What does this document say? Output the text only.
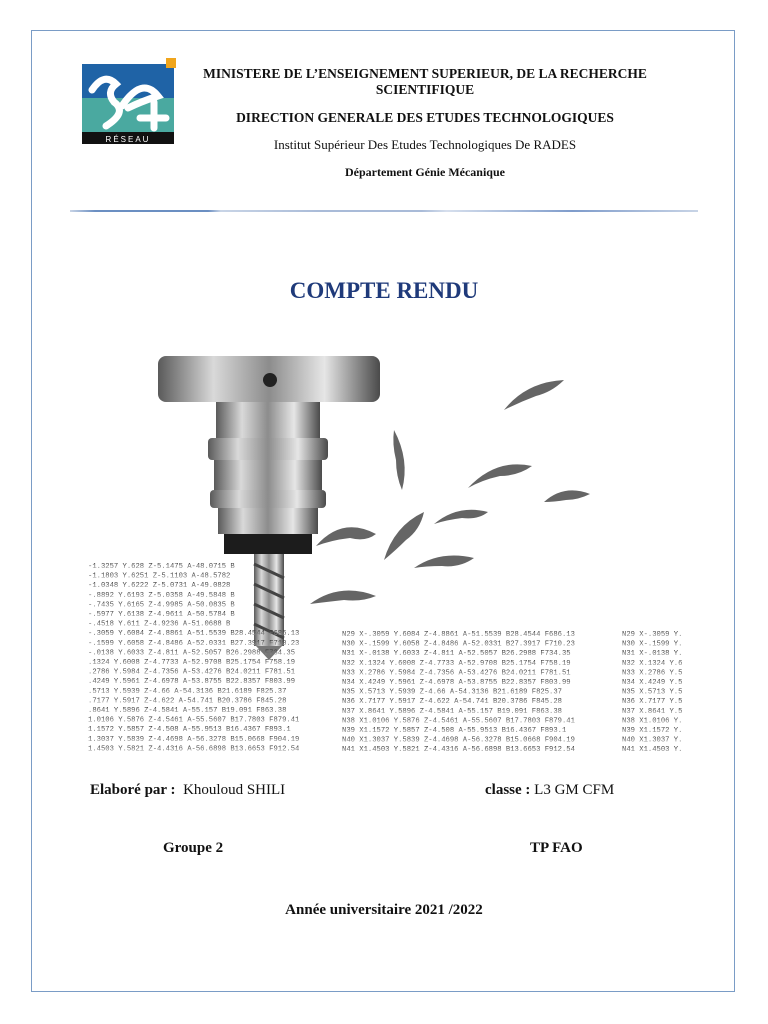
RÉSEAU
MINISTERE DE L’ENSEIGNEMENT SUPERIEUR, DE LA RECHERCHE
SCIENTIFIQUE
DIRECTION GENERALE DES ETUDES TECHNOLOGIQUES
Institut Supérieur Des Etudes Technologiques De RADES
Département Génie Mécanique
COMPTE RENDU
-1.3257 Y.628 Z-5.1475 A-48.0715 B
-1.1803 Y.6251 Z-5.1103 A-48.5782
-1.0348 Y.6222 Z-5.0731 A-49.0828
-.8892 Y.6193 Z-5.0358 A-49.5848 B
-.7435 Y.6165 Z-4.9985 A-50.0835 B
-.5977 Y.6138 Z-4.9611 A-50.5784 B
-.4518 Y.611 Z-4.9236 A-51.0688 B
-.3059 Y.6084 Z-4.8861 A-51.5539 B28.4544 F686.13
-.1599 Y.6058 Z-4.8486 A-52.0331 B27.3917 F710.23
-.0138 Y.6033 Z-4.811 A-52.5057 B26.2988 F734.35
.1324 Y.6008 Z-4.7733 A-52.9708 B25.1754 F758.19
.2786 Y.5984 Z-4.7356 A-53.4276 B24.0211 F781.51
.4249 Y.5961 Z-4.6978 A-53.8755 B22.8357 F803.99
.5713 Y.5939 Z-4.66 A-54.3136 B21.6189 F825.37
.7177 Y.5917 Z-4.622 A-54.741 B20.3786 F845.28
.8641 Y.5896 Z-4.5841 A-55.157 B19.091 F863.38
1.0106 Y.5876 Z-4.5461 A-55.5607 B17.7803 F879.41
1.1572 Y.5857 Z-4.508 A-55.9513 B16.4367 F893.1
1.3037 Y.5839 Z-4.4698 A-56.3278 B15.0668 F904.19
1.4503 Y.5821 Z-4.4316 A-56.6898 B13.6653 F912.54
N29 X-.3059 Y.6084 Z-4.8861 A-51.5539 B28.4544 F686.13
N30 X-.1599 Y.6058 Z-4.8486 A-52.0331 B27.3917 F710.23
N31 X-.0138 Y.6033 Z-4.811 A-52.5057 B26.2988 F734.35
N32 X.1324 Y.6008 Z-4.7733 A-52.9708 B25.1754 F758.19
N33 X.2786 Y.5984 Z-4.7356 A-53.4276 B24.0211 F781.51
N34 X.4249 Y.5961 Z-4.6978 A-53.8755 B22.8357 F803.99
N35 X.5713 Y.5939 Z-4.66 A-54.3136 B21.6189 F825.37
N36 X.7177 Y.5917 Z-4.622 A-54.741 B20.3786 F845.28
N37 X.8641 Y.5896 Z-4.5841 A-55.157 B19.091 F863.38
N38 X1.0106 Y.5876 Z-4.5461 A-55.5607 B17.7803 F879.41
N39 X1.1572 Y.5857 Z-4.508 A-55.9513 B16.4367 F893.1
N40 X1.3037 Y.5839 Z-4.4698 A-56.3278 B15.0668 F904.19
N41 X1.4503 Y.5821 Z-4.4316 A-56.6898 B13.6653 F912.54
N29 X-.3059 Y.
N30 X-.1599 Y.
N31 X-.0138 Y.
N32 X.1324 Y.6
N33 X.2786 Y.5
N34 X.4249 Y.5
N35 X.5713 Y.5
N36 X.7177 Y.5
N37 X.8641 Y.5
N38 X1.0106 Y.
N39 X1.1572 Y.
N40 X1.3037 Y.
N41 X1.4503 Y.
Elaboré par : Khouloud SHILI	classe : L3 GM CFM
Groupe 2	TP FAO
Année universitaire 2021 /2022
